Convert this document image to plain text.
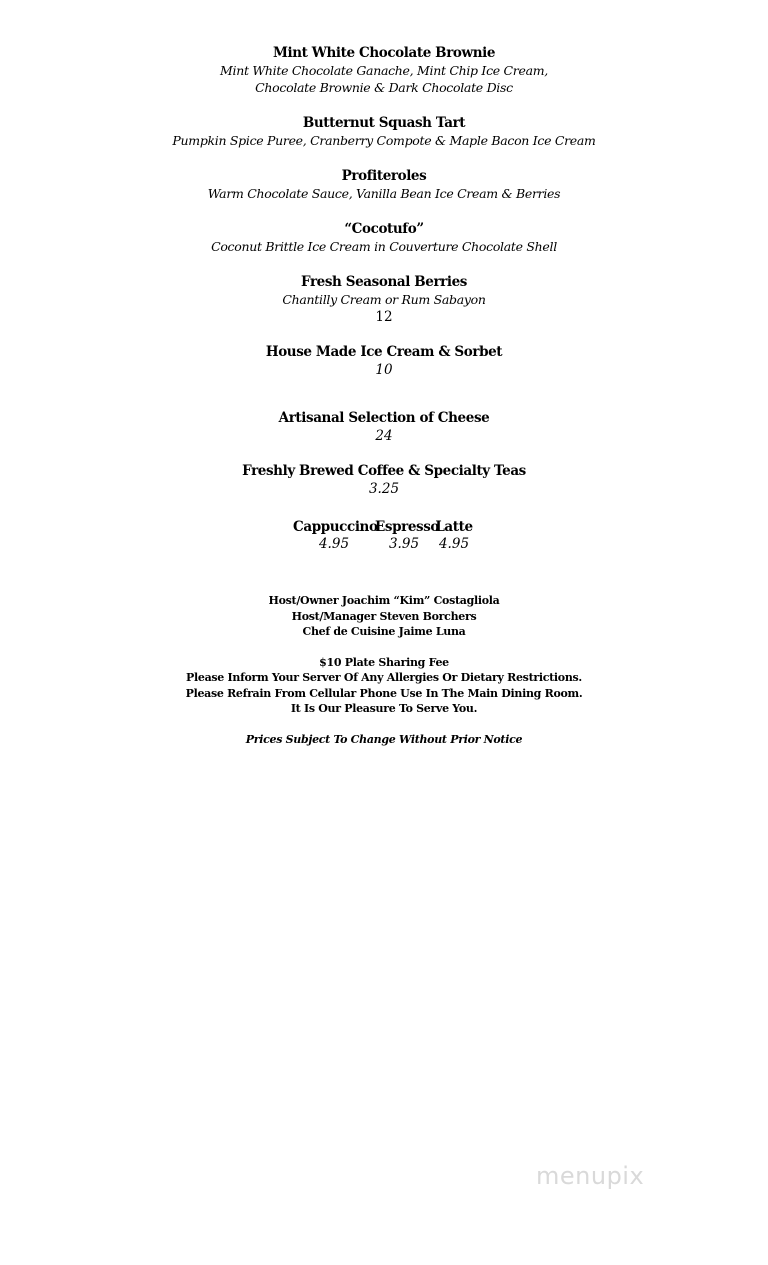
Mint White Chocolate Brownie
Mint White Chocolate Ganache, Mint Chip Ice Cream,
Chocolate Brownie & Dark Chocolate Disc
Butternut Squash Tart
Pumpkin Spice Puree, Cranberry Compote & Maple Bacon Ice Cream
Profiteroles
Warm Chocolate Sauce, Vanilla Bean Ice Cream & Berries
“Cocotufo”
Coconut Brittle Ice Cream in Couverture Chocolate Shell
Fresh Seasonal Berries
Chantilly Cream or Rum Sabayon
12
House Made Ice Cream & Sorbet
10
Artisanal Selection of Cheese
24
Freshly Brewed Coffee & Specialty Teas
3.25
Cappuccino
Espresso
Latte
4.95	3.95	4.95
Host/Owner Joachim “Kim” Costagliola
Host/Manager Steven Borchers
Chef de Cuisine Jaime Luna
$10 Plate Sharing Fee
Please Inform Your Server Of Any Allergies Or Dietary Restrictions.
Please Refrain From Cellular Phone Use In The Main Dining Room.
It Is Our Pleasure To Serve You.
Prices Subject To Change Without Prior Notice
menupix
